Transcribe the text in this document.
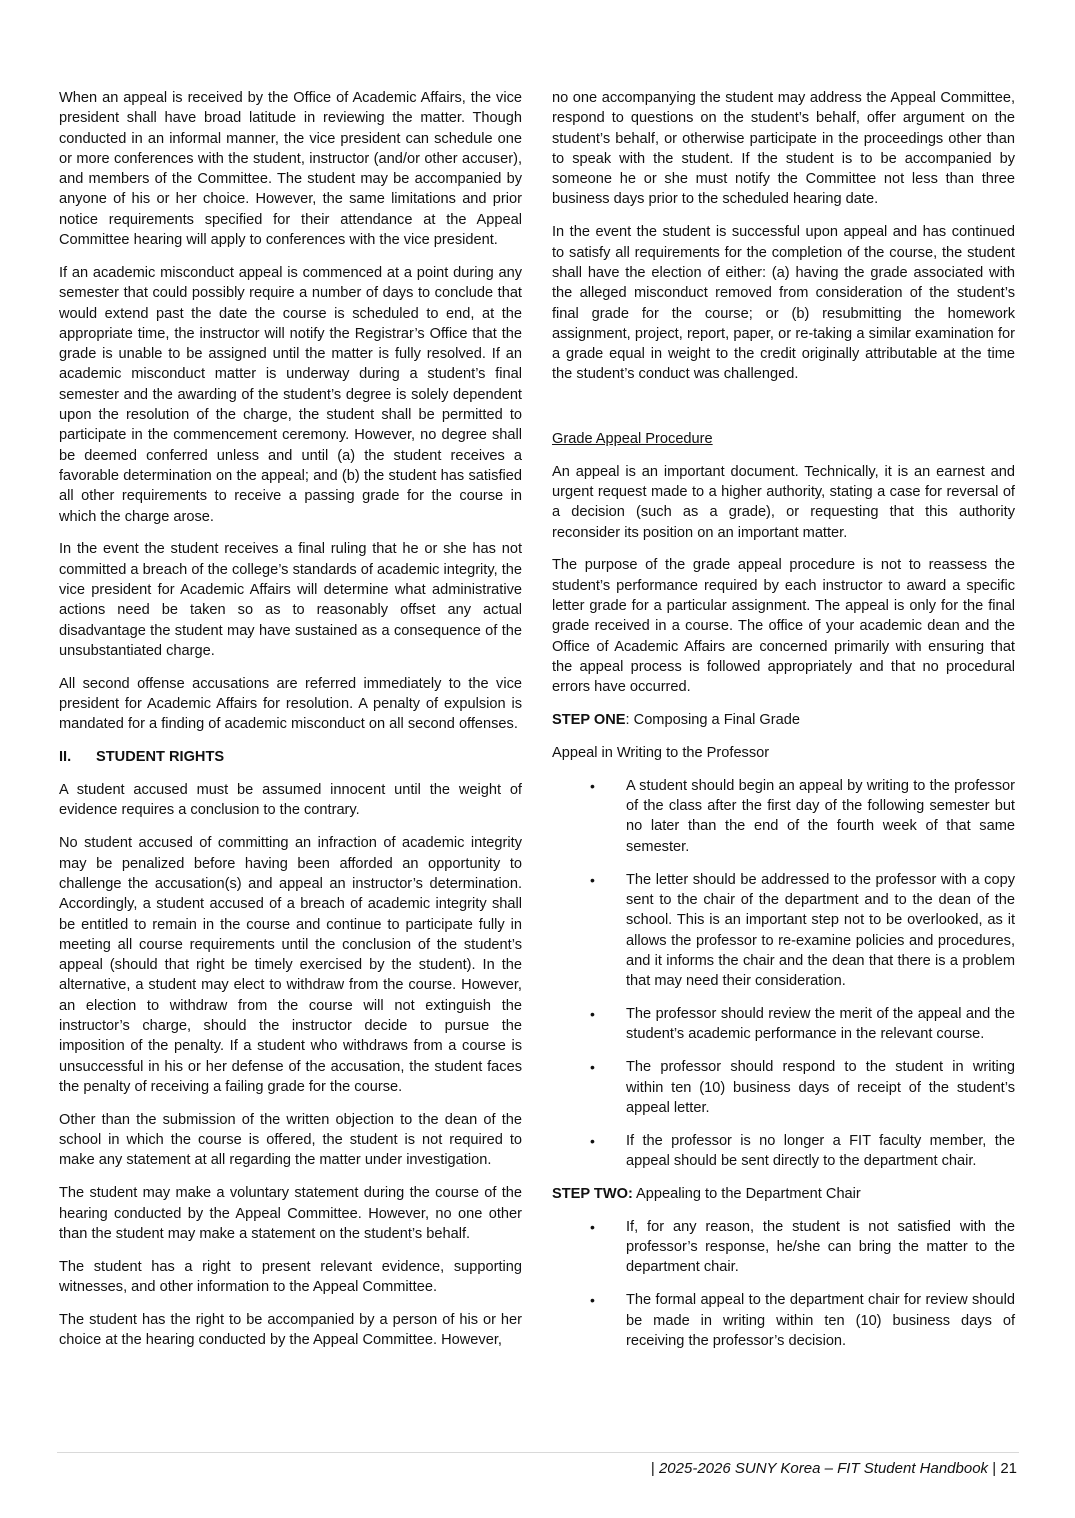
When an appeal is received by the Office of Academic Affairs, the vice president shall have broad latitude in reviewing the matter. Though conducted in an informal manner, the vice president can schedule one or more conferences with the student, instructor (and/or other accuser), and members of the Committee. The student may be accompanied by anyone of his or her choice. However, the same limitations and prior notice requirements specified for their attendance at the Appeal Committee hearing will apply to conferences with the vice president.

If an academic misconduct appeal is commenced at a point during any semester that could possibly require a number of days to conclude that would extend past the date the course is scheduled to end, at the appropriate time, the instructor will notify the Registrar’s Office that the grade is unable to be assigned until the matter is fully resolved. If an academic misconduct matter is underway during a student’s final semester and the awarding of the student’s degree is solely dependent upon the resolution of the charge, the student shall be permitted to participate in the commencement ceremony. However, no degree shall be deemed conferred unless and until (a) the student receives a favorable determination on the appeal; and (b) the student has satisfied all other requirements to receive a passing grade for the course in which the charge arose.

In the event the student receives a final ruling that he or she has not committed a breach of the college’s standards of academic integrity, the vice president for Academic Affairs will determine what administrative actions need be taken so as to reasonably offset any actual disadvantage the student may have sustained as a consequence of the unsubstantiated charge.

All second offense accusations are referred immediately to the vice president for Academic Affairs for resolution. A penalty of expulsion is mandated for a finding of academic misconduct on all second offenses.

II. STUDENT RIGHTS

A student accused must be assumed innocent until the weight of evidence requires a conclusion to the contrary.

No student accused of committing an infraction of academic integrity may be penalized before having been afforded an opportunity to challenge the accusation(s) and appeal an instructor’s determination. Accordingly, a student accused of a breach of academic integrity shall be entitled to remain in the course and continue to participate fully in meeting all course requirements until the conclusion of the student’s appeal (should that right be timely exercised by the student). In the alternative, a student may elect to withdraw from the course. However, an election to withdraw from the course will not extinguish the instructor’s charge, should the instructor decide to pursue the imposition of the penalty. If a student who withdraws from a course is unsuccessful in his or her defense of the accusation, the student faces the penalty of receiving a failing grade for the course.

Other than the submission of the written objection to the dean of the school in which the course is offered, the student is not required to make any statement at all regarding the matter under investigation.

The student may make a voluntary statement during the course of the hearing conducted by the Appeal Committee. However, no one other than the student may make a statement on the student’s behalf.

The student has a right to present relevant evidence, supporting witnesses, and other information to the Appeal Committee.

The student has the right to be accompanied by a person of his or her choice at the hearing conducted by the Appeal Committee. However,

no one accompanying the student may address the Appeal Committee, respond to questions on the student’s behalf, offer argument on the student’s behalf, or otherwise participate in the proceedings other than to speak with the student. If the student is to be accompanied by someone he or she must notify the Committee not less than three business days prior to the scheduled hearing date.

In the event the student is successful upon appeal and has continued to satisfy all requirements for the completion of the course, the student shall have the election of either: (a) having the grade associated with the alleged misconduct removed from consideration of the student’s final grade for the course; or (b) resubmitting the homework assignment, project, report, paper, or re-taking a similar examination for a grade equal in weight to the credit originally attributable at the time the student’s conduct was challenged.

Grade Appeal Procedure

An appeal is an important document. Technically, it is an earnest and urgent request made to a higher authority, stating a case for reversal of a decision (such as a grade), or requesting that this authority reconsider its position on an important matter.

The purpose of the grade appeal procedure is not to reassess the student’s performance required by each instructor to award a specific letter grade for a particular assignment. The appeal is only for the final grade received in a course. The office of your academic dean and the Office of Academic Affairs are concerned primarily with ensuring that the appeal process is followed appropriately and that no procedural errors have occurred.

STEP ONE: Composing a Final Grade

Appeal in Writing to the Professor

• A student should begin an appeal by writing to the professor of the class after the first day of the following semester but no later than the end of the fourth week of that same semester.
• The letter should be addressed to the professor with a copy sent to the chair of the department and to the dean of the school. This is an important step not to be overlooked, as it allows the professor to re-examine policies and procedures, and it informs the chair and the dean that there is a problem that may need their consideration.
• The professor should review the merit of the appeal and the student’s academic performance in the relevant course.
• The professor should respond to the student in writing within ten (10) business days of receipt of the student’s appeal letter.
• If the professor is no longer a FIT faculty member, the appeal should be sent directly to the department chair.

STEP TWO: Appealing to the Department Chair

• If, for any reason, the student is not satisfied with the professor’s response, he/she can bring the matter to the department chair.
• The formal appeal to the department chair for review should be made in writing within ten (10) business days of receiving the professor’s decision.
| 2025-2026 SUNY Korea – FIT Student Handbook | 21
